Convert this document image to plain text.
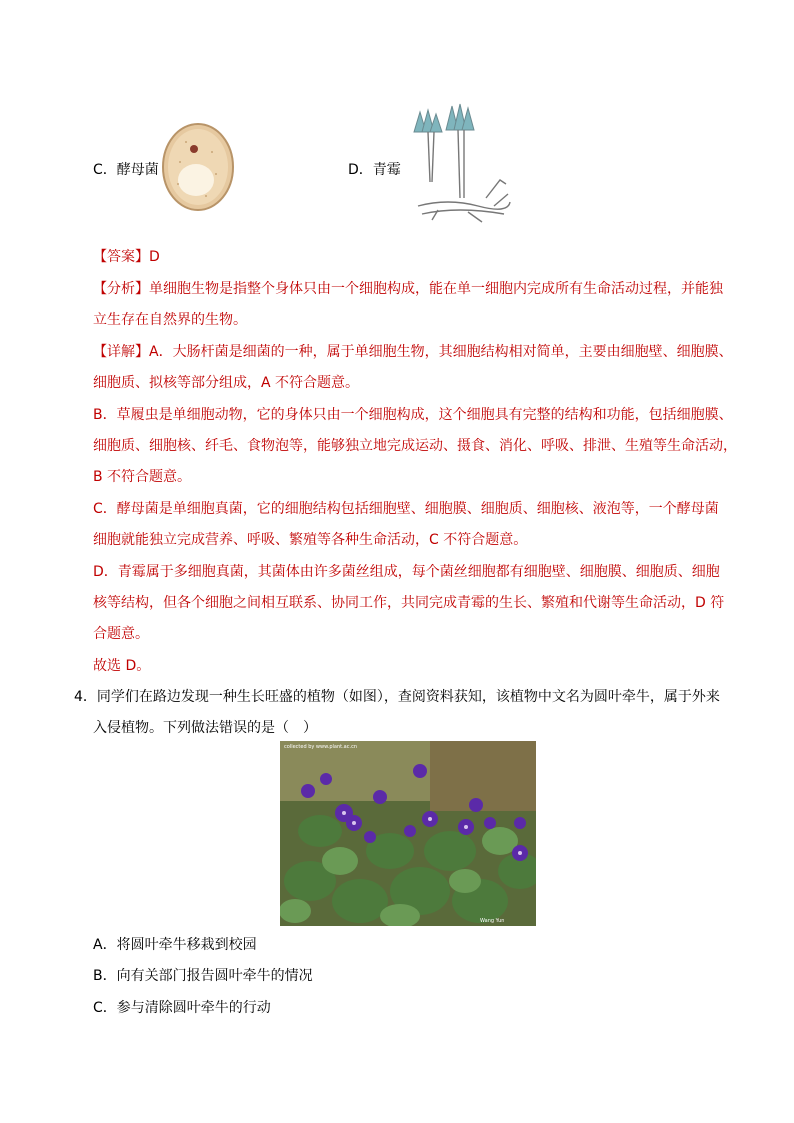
C．酵母菌	D．青霉
【答案】D
【分析】单细胞生物是指整个身体只由一个细胞构成，能在单一细胞内完成所有生命活动过程，并能独
立生存在自然界的生物。
【详解】A．大肠杆菌是细菌的一种，属于单细胞生物，其细胞结构相对简单，主要由细胞壁、细胞膜、
细胞质、拟核等部分组成，A 不符合题意。
B．草履虫是单细胞动物，它的身体只由一个细胞构成，这个细胞具有完整的结构和功能，包括细胞膜、
细胞质、细胞核、纤毛、食物泡等，能够独立地完成运动、摄食、消化、呼吸、排泄、生殖等生命活动，
B 不符合题意。
C．酵母菌是单细胞真菌，它的细胞结构包括细胞壁、细胞膜、细胞质、细胞核、液泡等，一个酵母菌
细胞就能独立完成营养、呼吸、繁殖等各种生命活动，C 不符合题意。
D．青霉属于多细胞真菌，其菌体由许多菌丝组成，每个菌丝细胞都有细胞壁、细胞膜、细胞质、细胞
核等结构，但各个细胞之间相互联系、协同工作，共同完成青霉的生长、繁殖和代谢等生命活动，D 符
合题意。
故选 D。
4．同学们在路边发现一种生长旺盛的植物（如图），查阅资料获知，该植物中文名为圆叶牵牛，属于外来
入侵植物。下列做法错误的是（　）
collected by www.plant.ac.cn
Wang Yun
A．将圆叶牵牛移栽到校园
B．向有关部门报告圆叶牵牛的情况
C．参与清除圆叶牵牛的行动
